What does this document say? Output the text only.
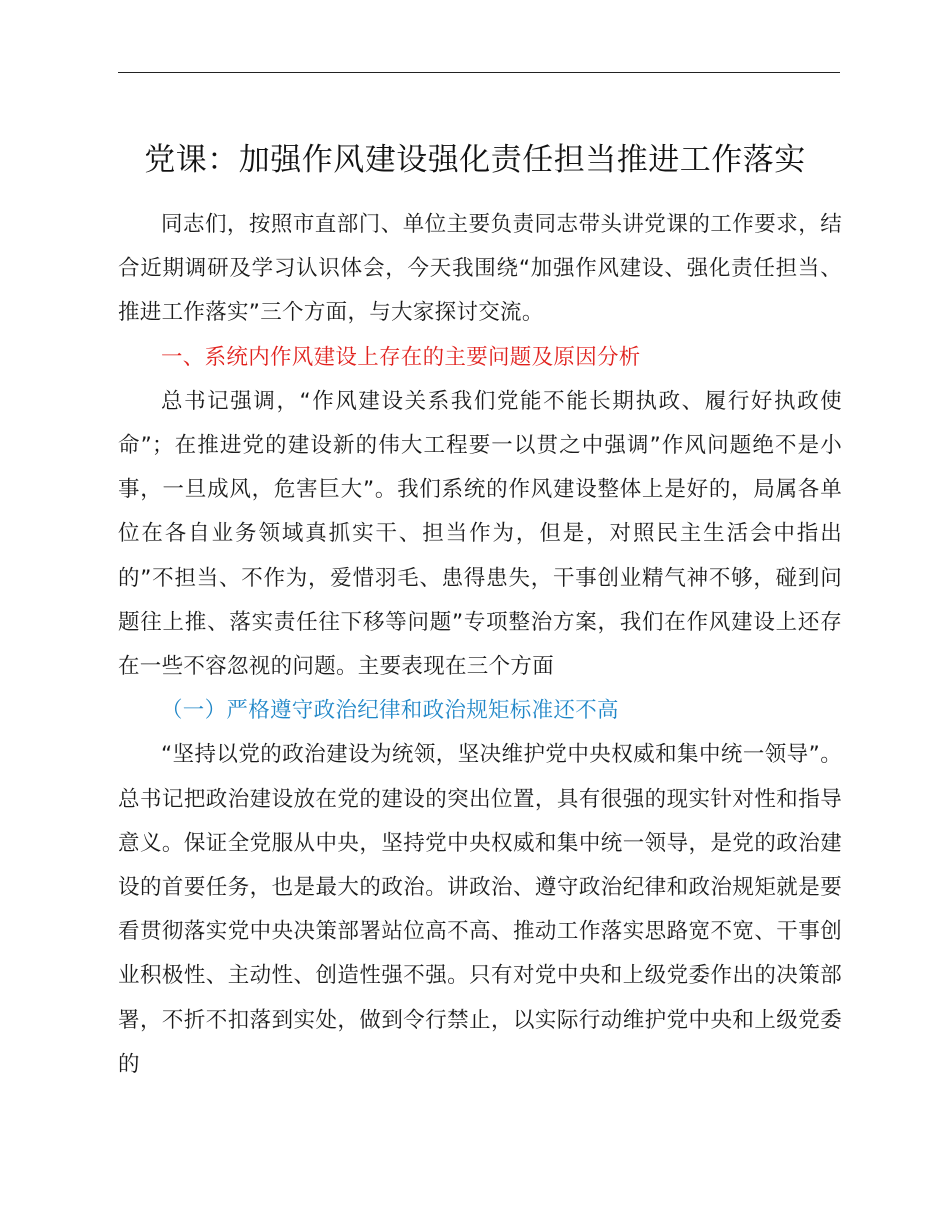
党课：加强作风建设强化责任担当推进工作落实

同志们，按照市直部门、单位主要负责同志带头讲党课的工作要求，结合近期调研及学习认识体会，今天我围绕“加强作风建设、强化责任担当、推进工作落实”三个方面，与大家探讨交流。

一、系统内作风建设上存在的主要问题及原因分析

总书记强调，“作风建设关系我们党能不能长期执政、履行好执政使命”；在推进党的建设新的伟大工程要一以贯之中强调”作风问题绝不是小事，一旦成风，危害巨大”。我们系统的作风建设整体上是好的，局属各单位在各自业务领域真抓实干、担当作为，但是，对照民主生活会中指出的”不担当、不作为，爱惜羽毛、患得患失，干事创业精气神不够，碰到问题往上推、落实责任往下移等问题”专项整治方案，我们在作风建设上还存在一些不容忽视的问题。主要表现在三个方面

（一）严格遵守政治纪律和政治规矩标准还不高

“坚持以党的政治建设为统领，坚决维护党中央权威和集中统一领导”。总书记把政治建设放在党的建设的突出位置，具有很强的现实针对性和指导意义。保证全党服从中央，坚持党中央权威和集中统一领导，是党的政治建设的首要任务，也是最大的政治。讲政治、遵守政治纪律和政治规矩就是要看贯彻落实党中央决策部署站位高不高、推动工作落实思路宽不宽、干事创业积极性、主动性、创造性强不强。只有对党中央和上级党委作出的决策部署，不折不扣落到实处，做到令行禁止，以实际行动维护党中央和上级党委的
